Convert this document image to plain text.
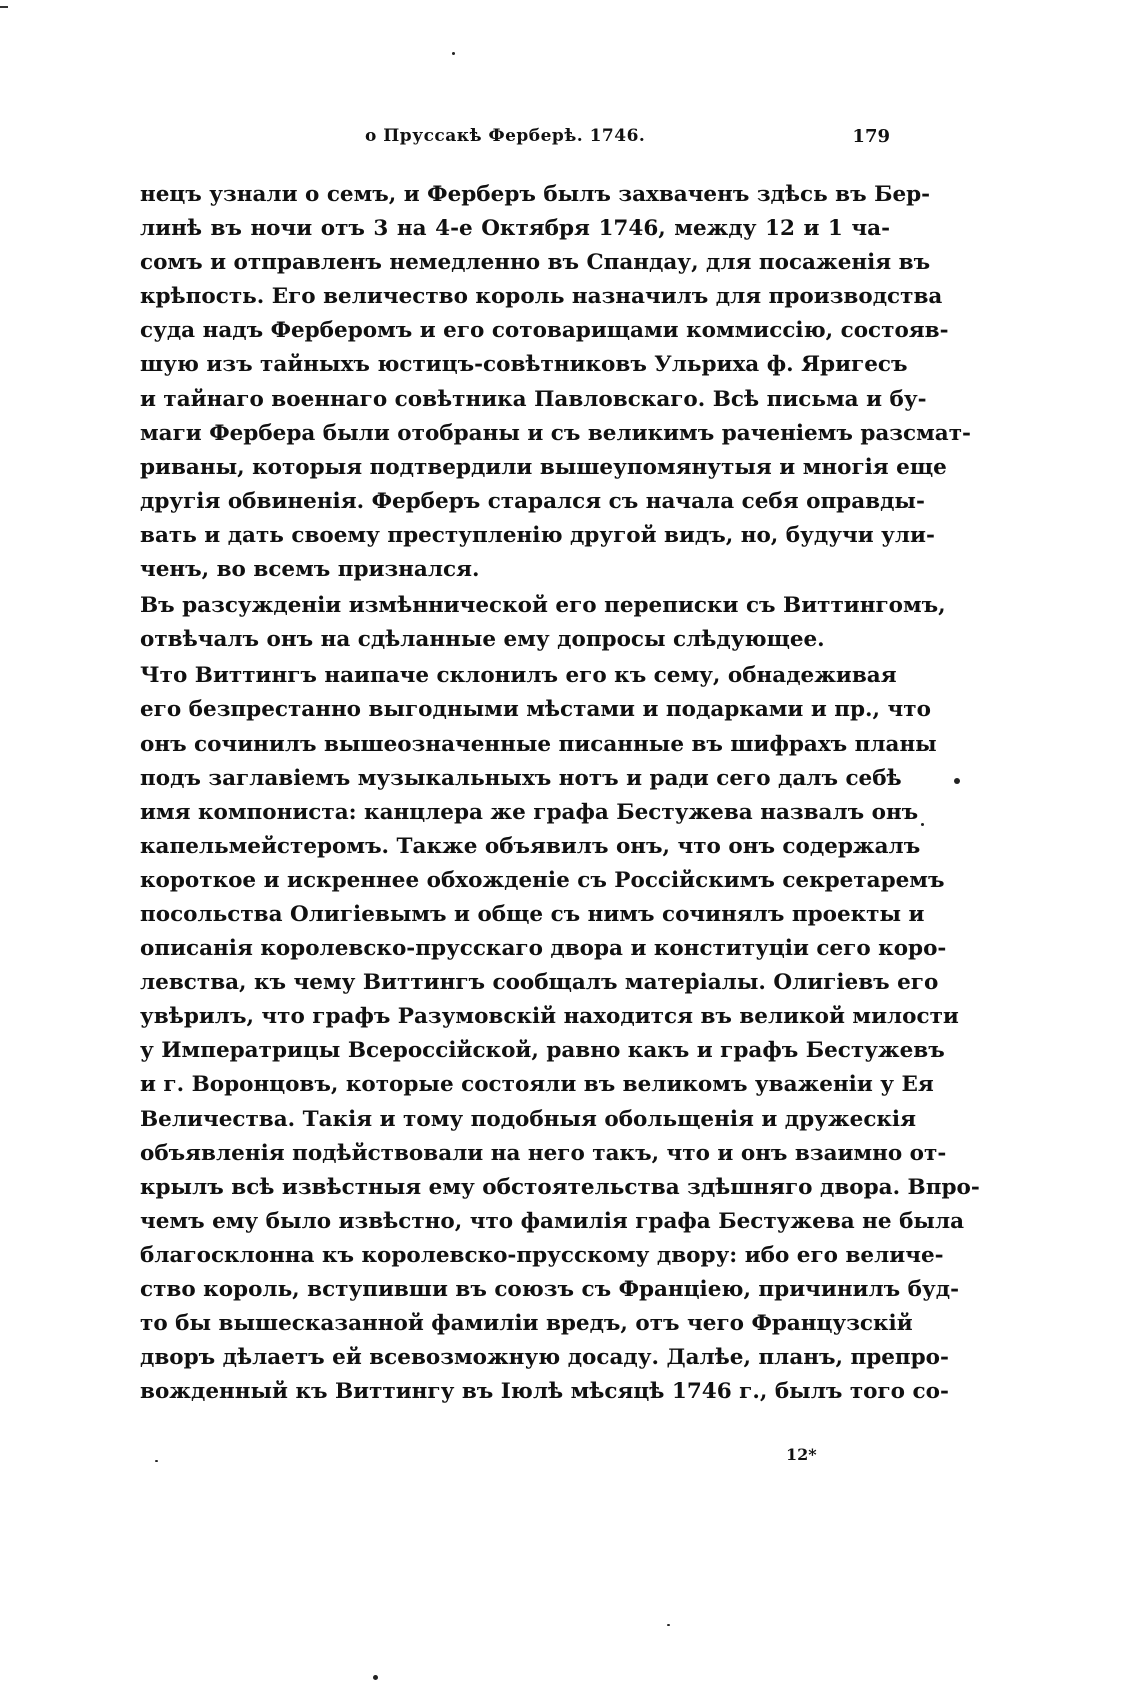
о Пруссакѣ Ферберѣ. 1746.	179
нецъ узнали о семъ, и Ферберъ былъ захваченъ здѣсь въ Бер-
линѣ въ ночи отъ 3 на 4-е Октября 1746, между 12 и 1 ча-
сомъ и отправленъ немедленно въ Спандау, для посаженія въ
крѣпость. Его величество король назначилъ для производства
суда надъ Ферберомъ и его сотоварищами коммиссію, состояв-
шую изъ тайныхъ юстицъ-совѣтниковъ Ульриха ф. Яригесъ
и тайнаго военнаго совѣтника Павловскаго. Всѣ письма и бу-
маги Фербера были отобраны и съ великимъ раченіемъ разсмат-
риваны, которыя подтвердили вышеупомянутыя и многія еще
другія обвиненія. Ферберъ старался съ начала себя оправды-
вать и дать своему преступленію другой видъ, но, будучи ули-
ченъ, во всемъ признался.
Въ разсужденіи измѣннической его переписки съ Виттингомъ,
отвѣчалъ онъ на сдѣланные ему допросы слѣдующее.
Что Виттингъ наипаче склонилъ его къ сему, обнадеживая
его безпрестанно выгодными мѣстами и подарками и пр., что
онъ сочинилъ вышеозначенные писанные въ шифрахъ планы
подъ заглавіемъ музыкальныхъ нотъ и ради сего далъ себѣ
имя компониста: канцлера же графа Бестужева назвалъ онъ
капельмейстеромъ. Также объявилъ онъ, что онъ содержалъ
короткое и искреннее обхожденіе съ Россійскимъ секретаремъ
посольства Олигіевымъ и обще съ нимъ сочинялъ проекты и
описанія королевско-прусскаго двора и конституціи сего коро-
левства, къ чему Виттингъ сообщалъ матеріалы. Олигіевъ его
увѣрилъ, что графъ Разумовскій находится въ великой милости
у Императрицы Всероссійской, равно какъ и графъ Бестужевъ
и г. Воронцовъ, которые состояли въ великомъ уваженіи у Ея
Величества. Такія и тому подобныя обольщенія и дружескія
объявленія подѣйствовали на него такъ, что и онъ взаимно от-
крылъ всѣ извѣстныя ему обстоятельства здѣшняго двора. Впро-
чемъ ему было извѣстно, что фамилія графа Бестужева не была
благосклонна къ королевско-прусскому двору: ибо его величе-
ство король, вступивши въ союзъ съ Франціею, причинилъ буд-
то бы вышесказанной фамиліи вредъ, отъ чего Французскій
дворъ дѣлаетъ ей всевозможную досаду. Далѣе, планъ, препро-
вожденный къ Виттингу въ Іюлѣ мѣсяцѣ 1746 г., былъ того со-
12*
